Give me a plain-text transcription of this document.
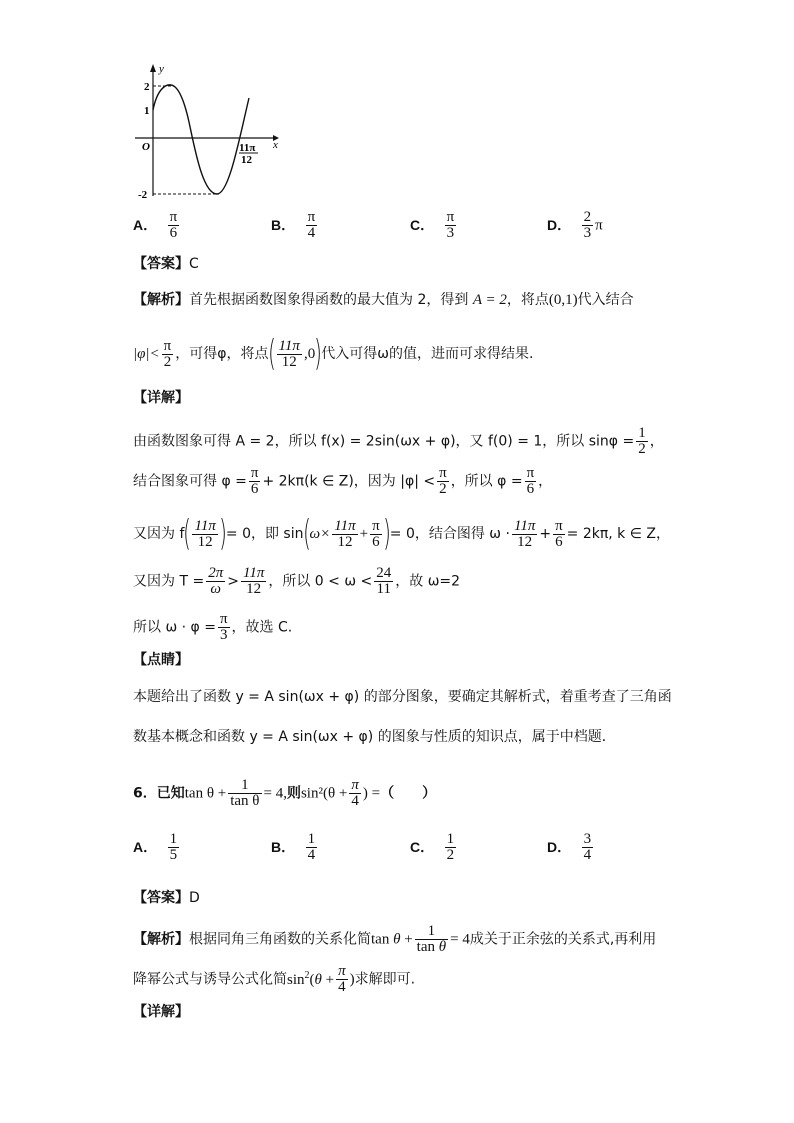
y
x
O
2
1
-2
11π
12
A． $\frac{\pi}{6}$	B． $\frac{\pi}{4}$	C． $\frac{\pi}{3}$	D． $\frac{2}{3}$ π
【答案】C
【解析】首先根据函数图象得函数的最大值为 2，得到 A = 2，将点(0,1)代入结合
$|\varphi|< \frac{\pi}{2}$ ，可得φ，将点( $\frac{11\pi}{12} ,0$)代入可得ω的值，进而可求得结果.
【详解】
由函数图象可得 A = 2，所以 f(x) = 2sin(ωx + φ)，又 f(0) = 1，所以 $\sin\varphi = \frac{1}{2}$ ，
结合图象可得 $\varphi = \frac{\pi}{6} + 2k\pi(k$ ∈ Z)，因为 $|\varphi| < \frac{\pi}{2}$ ，所以 $\varphi = \frac{\pi}{6}$ ，
又因为 $f( \frac{11\pi}{12}$ )= 0，即 $\sin(\omega\times \frac{11\pi}{12} + \frac{\pi}{6}$ )= 0，结合图得 $\omega \cdot \frac{11\pi}{12} + \frac{\pi}{6} = 2k\pi$, k ∈ Z，
又因为 $T = \frac{2\pi}{\omega} > \frac{11\pi}{12}$ ，所以 $0 < \omega < \frac{24}{11}$ ，故 ω=2
所以 $\omega \cdot \varphi = \frac{\pi}{3}$ ，故选 C.
【点睛】
本题给出了函数 y = A sin(ωx + φ) 的部分图象，要确定其解析式，着重考查了三角函
数基本概念和函数 y = A sin(ωx + φ) 的图象与性质的知识点，属于中档题．
6．已知$\tan \theta + \frac{1}{\text{tan θ}} = 4$,则$\sin^2(\theta + \frac{\pi}{4}$ ) =（　　）
A． $\frac{1}{5}$	B． $\frac{1}{4}$	C． $\frac{1}{2}$	D． $\frac{3}{4}$
【答案】D
【解析】根据同角三角函数的关系化简$\tan \theta + \frac{1}{\text{tan θ}} = 4$成关于正余弦的关系式,再利用
降幂公式与诱导公式化简$\sin^2(\theta + \frac{\pi}{4}$ )求解即可.
【详解】
